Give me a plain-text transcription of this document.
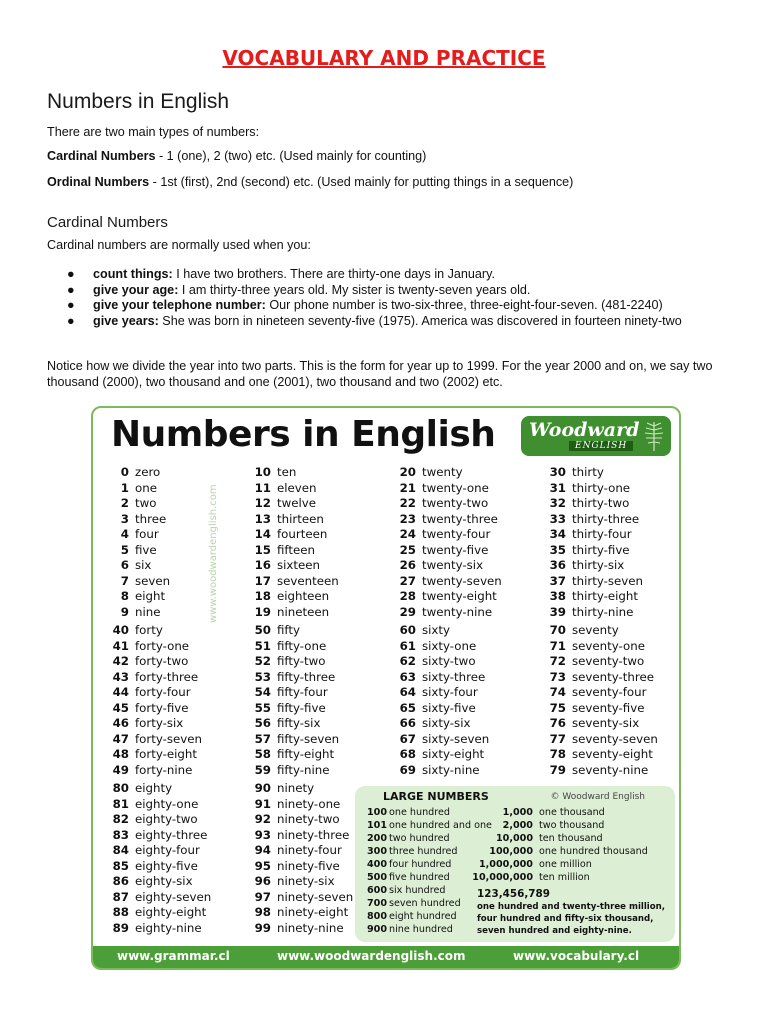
VOCABULARY AND PRACTICE
Numbers in English
There are two main types of numbers:
Cardinal Numbers - 1 (one), 2 (two) etc. (Used mainly for counting)
Ordinal Numbers - 1st (first), 2nd (second) etc. (Used mainly for putting things in a sequence)
Cardinal Numbers
Cardinal numbers are normally used when you:
● count things: I have two brothers. There are thirty-one days in January.
● give your age: I am thirty-three years old. My sister is twenty-seven years old.
● give your telephone number: Our phone number is two-six-three, three-eight-four-seven. (481-2240)
● give years: She was born in nineteen seventy-five (1975). America was discovered in fourteen ninety-two
Notice how we divide the year into two parts. This is the form for year up to 1999. For the year 2000 and on, we say two thousand (2000), two thousand and one (2001), two thousand and two (2002) etc.
Numbers in English Woodward
ENGLISH
www.woodwardenglish.com
0 zero
1 one
2 two
3 three
4 four
5 five
6 six
7 seven
8 eight
9 nine
10 ten
11 eleven
12 twelve
13 thirteen
14 fourteen
15 fifteen
16 sixteen
17 seventeen
18 eighteen
19 nineteen
20 twenty
21 twenty-one
22 twenty-two
23 twenty-three
24 twenty-four
25 twenty-five
26 twenty-six
27 twenty-seven
28 twenty-eight
29 twenty-nine
30 thirty
31 thirty-one
32 thirty-two
33 thirty-three
34 thirty-four
35 thirty-five
36 thirty-six
37 thirty-seven
38 thirty-eight
39 thirty-nine
40 forty
41 forty-one
42 forty-two
43 forty-three
44 forty-four
45 forty-five
46 forty-six
47 forty-seven
48 forty-eight
49 forty-nine
50 fifty
51 fifty-one
52 fifty-two
53 fifty-three
54 fifty-four
55 fifty-five
56 fifty-six
57 fifty-seven
58 fifty-eight
59 fifty-nine
60 sixty
61 sixty-one
62 sixty-two
63 sixty-three
64 sixty-four
65 sixty-five
66 sixty-six
67 sixty-seven
68 sixty-eight
69 sixty-nine
70 seventy
71 seventy-one
72 seventy-two
73 seventy-three
74 seventy-four
75 seventy-five
76 seventy-six
77 seventy-seven
78 seventy-eight
79 seventy-nine
80 eighty
81 eighty-one
82 eighty-two
83 eighty-three
84 eighty-four
85 eighty-five
86 eighty-six
87 eighty-seven
88 eighty-eight
89 eighty-nine
90 ninety
91 ninety-one
92 ninety-two
93 ninety-three
94 ninety-four
95 ninety-five
96 ninety-six
97 ninety-seven
98 ninety-eight
99 ninety-nine
LARGE NUMBERS	© Woodward English
123,456,789
one hundred and twenty-three million, four hundred and fifty-six thousand, seven hundred and eighty-nine.
100 one hundred
101 one hundred and one
200 two hundred
300 three hundred
400 four hundred
500 five hundred
600 six hundred
700 seven hundred
800 eight hundred
900 nine hundred
1,000 one thousand
2,000 two thousand
10,000 ten thousand
100,000 one hundred thousand
1,000,000 one million
10,000,000 ten million
www.grammar.cl	www.woodwardenglish.com	www.vocabulary.cl
